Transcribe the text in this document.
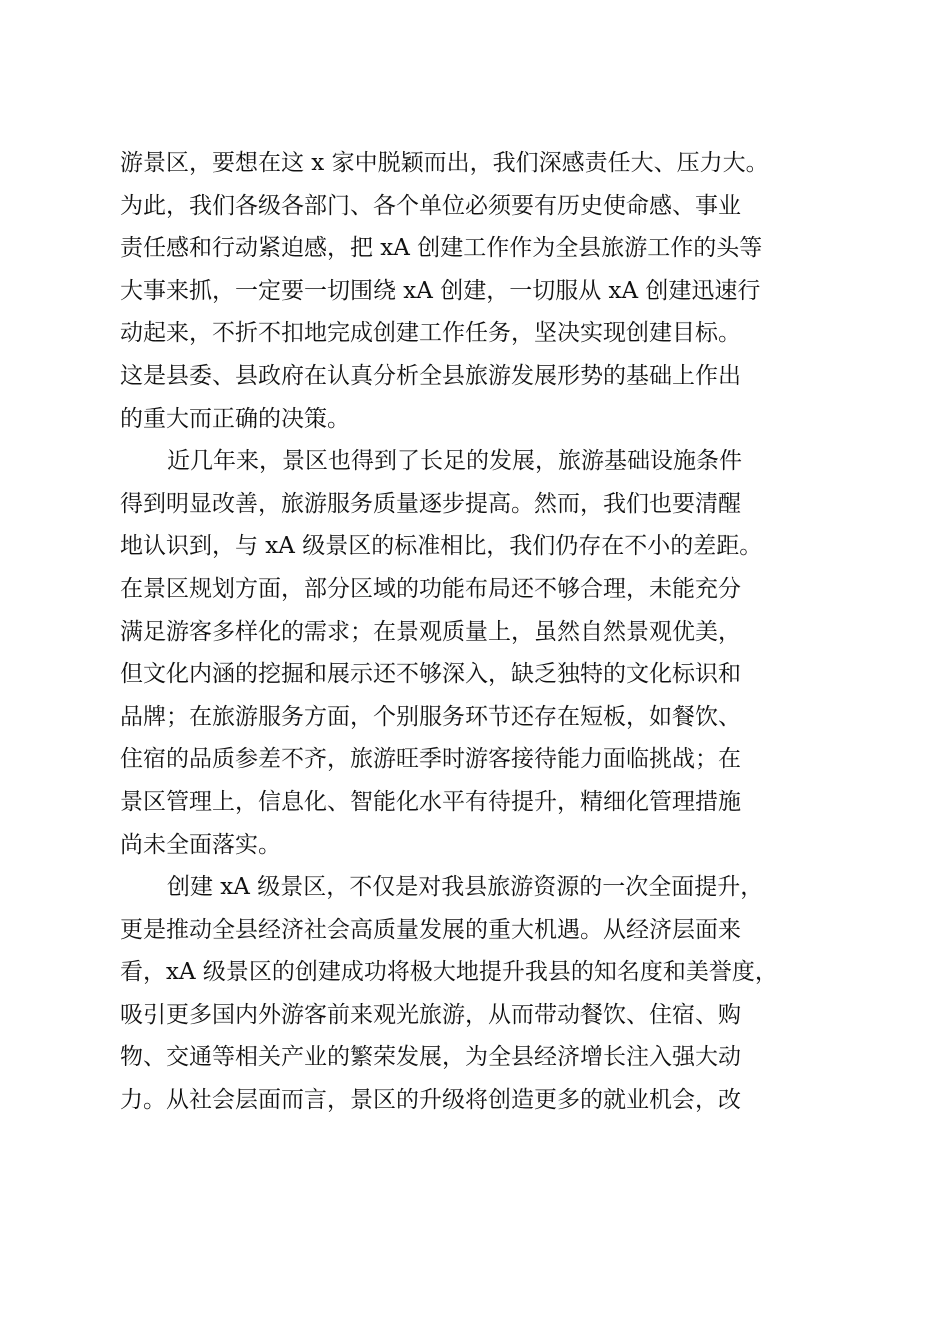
游景区，要想在这 x 家中脱颖而出，我们深感责任大、压力大。
为此，我们各级各部门、各个单位必须要有历史使命感、事业
责任感和行动紧迫感，把 xA 创建工作作为全县旅游工作的头等
大事来抓，一定要一切围绕 xA 创建，一切服从 xA 创建迅速行
动起来，不折不扣地完成创建工作任务，坚决实现创建目标。
这是县委、县政府在认真分析全县旅游发展形势的基础上作出
的重大而正确的决策。
近几年来，景区也得到了长足的发展，旅游基础设施条件
得到明显改善，旅游服务质量逐步提高。然而，我们也要清醒
地认识到，与 xA 级景区的标准相比，我们仍存在不小的差距。
在景区规划方面，部分区域的功能布局还不够合理，未能充分
满足游客多样化的需求；在景观质量上，虽然自然景观优美，
但文化内涵的挖掘和展示还不够深入，缺乏独特的文化标识和
品牌；在旅游服务方面，个别服务环节还存在短板，如餐饮、
住宿的品质参差不齐，旅游旺季时游客接待能力面临挑战；在
景区管理上，信息化、智能化水平有待提升，精细化管理措施
尚未全面落实。
创建 xA 级景区，不仅是对我县旅游资源的一次全面提升，
更是推动全县经济社会高质量发展的重大机遇。从经济层面来
看，xA 级景区的创建成功将极大地提升我县的知名度和美誉度，
吸引更多国内外游客前来观光旅游，从而带动餐饮、住宿、购
物、交通等相关产业的繁荣发展，为全县经济增长注入强大动
力。从社会层面而言，景区的升级将创造更多的就业机会，改
